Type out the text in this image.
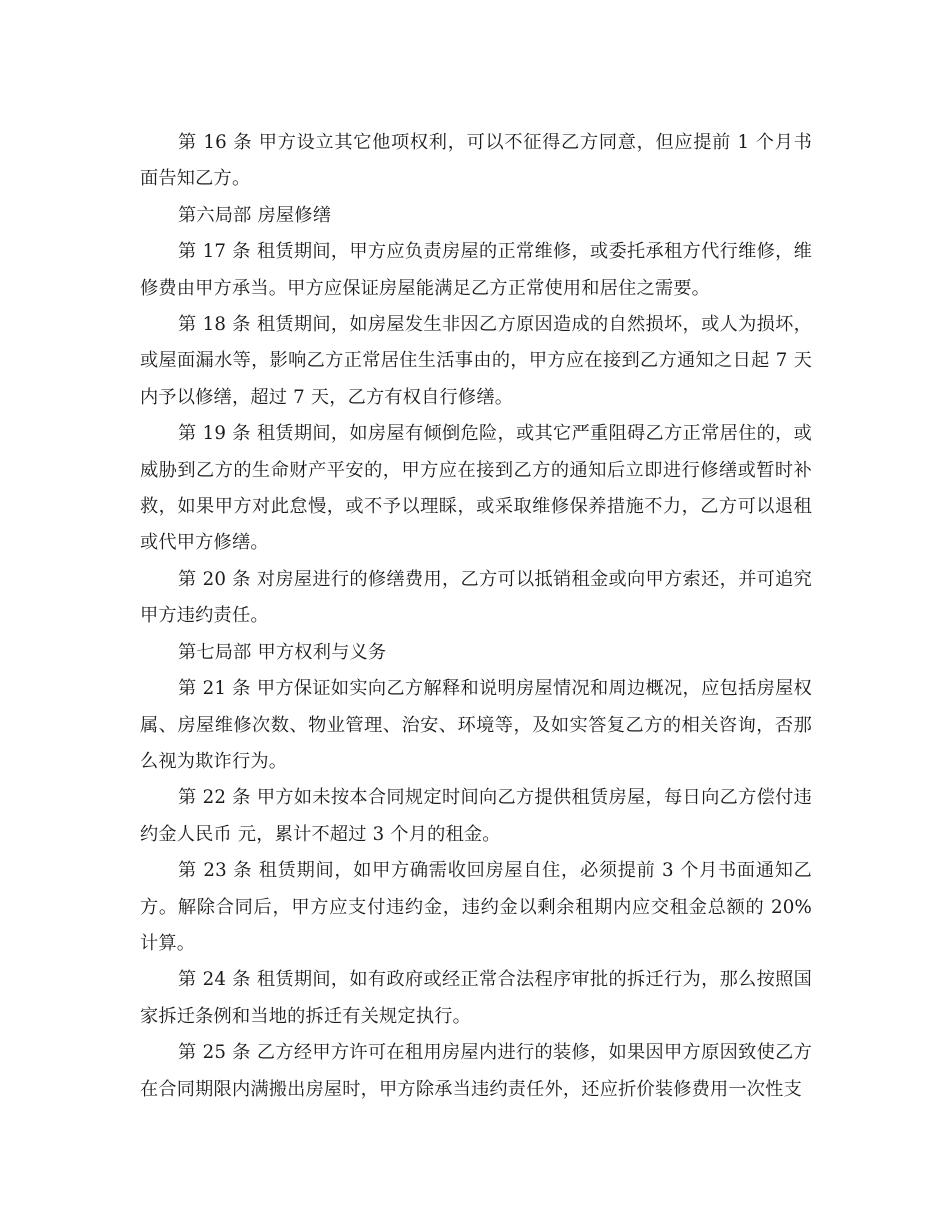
第 16 条 甲方设立其它他项权利，可以不征得乙方同意，但应提前 1 个月书面告知乙方。

第六局部 房屋修缮

第 17 条 租赁期间，甲方应负责房屋的正常维修，或委托承租方代行维修，维修费由甲方承当。甲方应保证房屋能满足乙方正常使用和居住之需要。

第 18 条 租赁期间，如房屋发生非因乙方原因造成的自然损坏，或人为损坏，或屋面漏水等，影响乙方正常居住生活事由的，甲方应在接到乙方通知之日起 7 天内予以修缮，超过 7 天，乙方有权自行修缮。

第 19 条 租赁期间，如房屋有倾倒危险，或其它严重阻碍乙方正常居住的，或威胁到乙方的生命财产平安的，甲方应在接到乙方的通知后立即进行修缮或暂时补救，如果甲方对此怠慢，或不予以理睬，或采取维修保养措施不力，乙方可以退租或代甲方修缮。

第 20 条 对房屋进行的修缮费用，乙方可以抵销租金或向甲方索还，并可追究甲方违约责任。

第七局部 甲方权利与义务

第 21 条 甲方保证如实向乙方解释和说明房屋情况和周边概况，应包括房屋权属、房屋维修次数、物业管理、治安、环境等，及如实答复乙方的相关咨询，否那么视为欺诈行为。

第 22 条 甲方如未按本合同规定时间向乙方提供租赁房屋，每日向乙方偿付违约金人民币 元，累计不超过 3 个月的租金。

第 23 条 租赁期间，如甲方确需收回房屋自住，必须提前 3 个月书面通知乙方。解除合同后，甲方应支付违约金，违约金以剩余租期内应交租金总额的 20%计算。

第 24 条 租赁期间，如有政府或经正常合法程序审批的拆迁行为，那么按照国家拆迁条例和当地的拆迁有关规定执行。

第 25 条 乙方经甲方许可在租用房屋内进行的装修，如果因甲方原因致使乙方在合同期限内满搬出房屋时，甲方除承当违约责任外，还应折价装修费用一次性支
